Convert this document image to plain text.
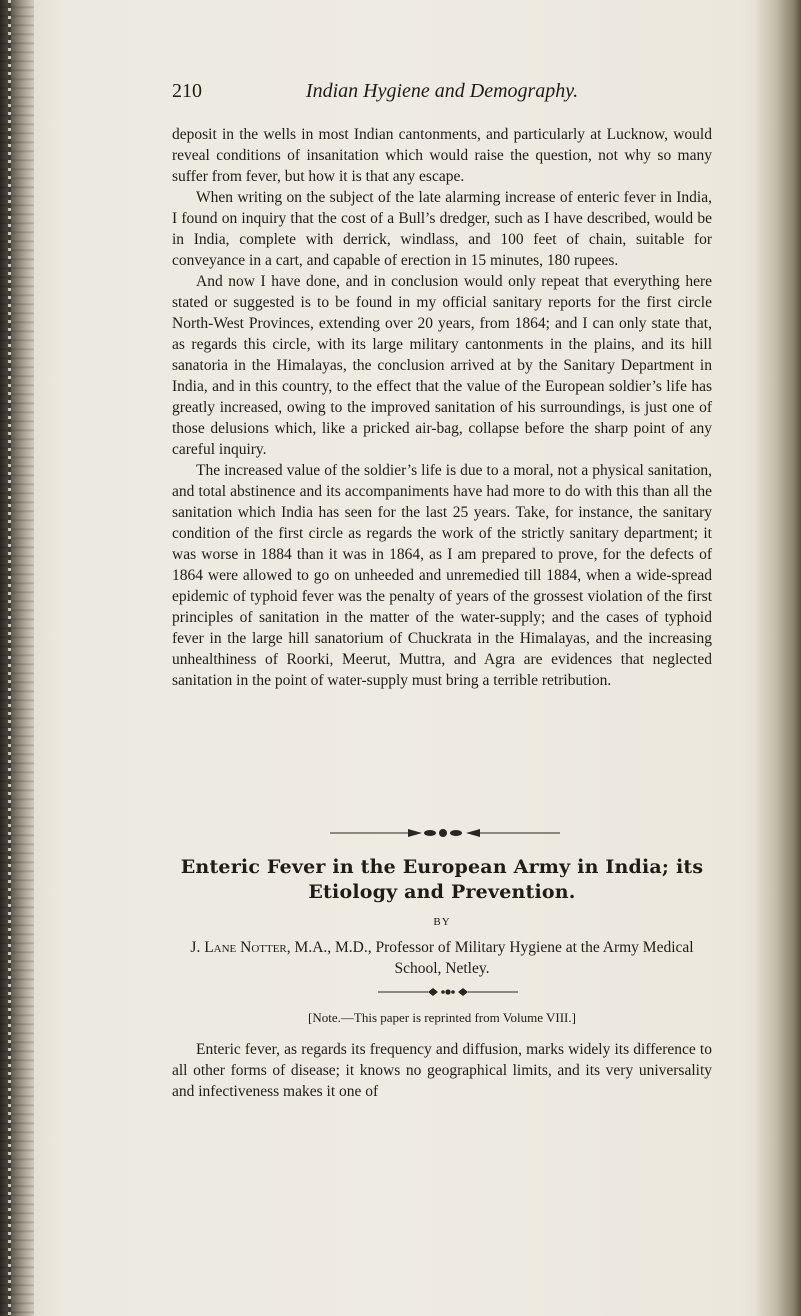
210	Indian Hygiene and Demography.

deposit in the wells in most Indian cantonments, and particularly at Lucknow, would reveal conditions of insanitation which would raise the question, not why so many suffer from fever, but how it is that any escape.

When writing on the subject of the late alarming increase of enteric fever in India, I found on inquiry that the cost of a Bull’s dredger, such as I have described, would be in India, complete with derrick, windlass, and 100 feet of chain, suitable for conveyance in a cart, and capable of erection in 15 minutes, 180 rupees.

And now I have done, and in conclusion would only repeat that everything here stated or suggested is to be found in my official sanitary reports for the first circle North-West Provinces, extending over 20 years, from 1864; and I can only state that, as regards this circle, with its large military cantonments in the plains, and its hill sanatoria in the Himalayas, the conclusion arrived at by the Sanitary Department in India, and in this country, to the effect that the value of the European soldier’s life has greatly increased, owing to the improved sanitation of his surroundings, is just one of those delusions which, like a pricked air-bag, collapse before the sharp point of any careful inquiry.

The increased value of the soldier’s life is due to a moral, not a physical sanitation, and total abstinence and its accompaniments have had more to do with this than all the sanitation which India has seen for the last 25 years. Take, for instance, the sanitary condition of the first circle as regards the work of the strictly sanitary department; it was worse in 1884 than it was in 1864, as I am prepared to prove, for the defects of 1864 were allowed to go on unheeded and unremedied till 1884, when a wide-spread epidemic of typhoid fever was the penalty of years of the grossest violation of the first principles of sanitation in the matter of the water-supply; and the cases of typhoid fever in the large hill sanatorium of Chuckrata in the Himalayas, and the increasing unhealthiness of Roorki, Meerut, Muttra, and Agra are evidences that neglected sanitation in the point of water-supply must bring a terrible retribution.

Enteric Fever in the European Army in India; its Etiology and Prevention.
BY
J. Lane Notter, M.A., M.D., Professor of Military Hygiene at the Army Medical School, Netley.
[Note.—This paper is reprinted from Volume VIII.]

Enteric fever, as regards its frequency and diffusion, marks widely its difference to all other forms of disease; it knows no geographical limits, and its very universality and infectiveness makes it one of
